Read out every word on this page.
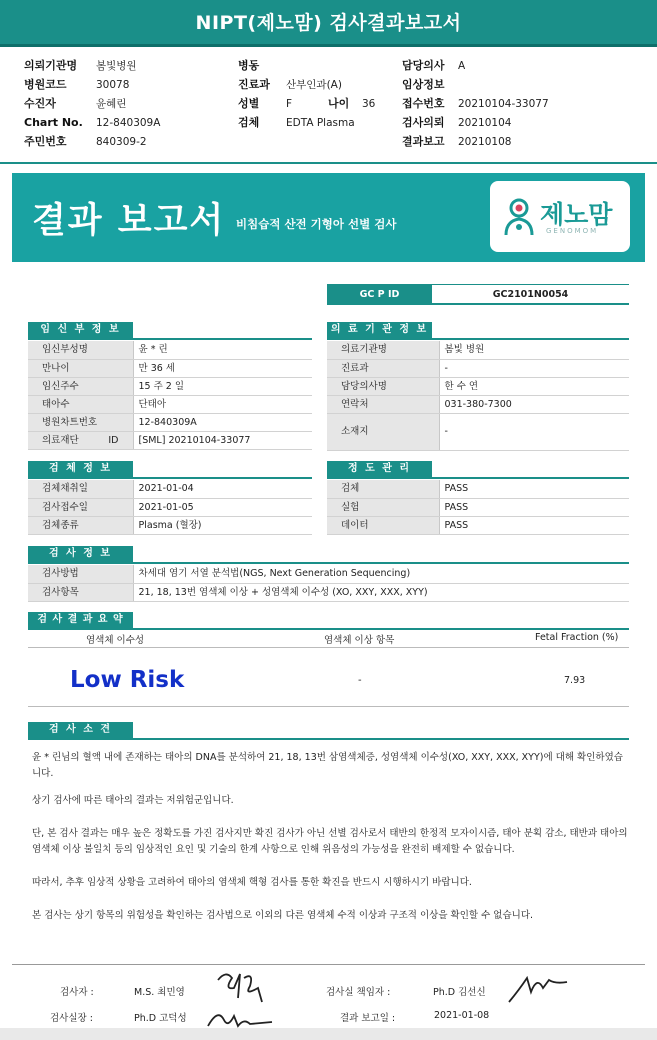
NIPT(제노맘) 검사결과보고서
의뢰기관명 봄빛병원
병원코드	30078
수진자	윤혜린
Chart No. 12-840309A
주민번호	840309-2
병동
진료과 산부인과(A)
성별	F	나이 36
검체	EDTA Plasma
담당의사 A
임상정보
접수번호 20210104-33077
검사의뢰 20210104
결과보고 20210108
결과 보고서 비침습적 산전 기형아 선별 검사	제노맘
GENOMOM
GC P ID	GC2101N0054
임 신 부 정 보
임신부성명	윤 * 린
만나이	만 36 세
임신주수	15 주 2 일
태아수	단태아
병원차트번호	12-840309A
의료재단 ID	[SML] 20210104-33077
의 료 기 관 정 보
의료기관명	봄빛 병원
진료과	-
담당의사명	한 수 연
연락처	031-380-7300
소재지	-
검 체 정 보
검체채취일	2021-01-04
검사접수일	2021-01-05
검체종류	Plasma (혈장)
정 도 관 리
검체	PASS
실험	PASS
데이터	PASS
검 사 정 보
검사방법	차세대 염기 서열 분석법(NGS, Next Generation Sequencing)
검사항목	21, 18, 13번 염색체 이상 + 성염색체 이수성 (XO, XXY, XXX, XYY)
검 사 결 과 요 약
염색체 이수성	염색체 이상 항목	Fetal Fraction (%)
Low Risk	-	7.93
검 사 소 견

윤 * 린님의 혈액 내에 존재하는 태아의 DNA를 분석하여 21, 18, 13번 삼염색체증, 성염색체 이수성(XO, XXY, XXX, XYY)에 대해 확인하였습니다.

상기 검사에 따른 태아의 결과는 저위험군입니다.

단, 본 검사 결과는 매우 높은 정확도를 가진 검사지만 확진 검사가 아닌 선별 검사로서 태반의 한정적 모자이시즘, 태아 분획 감소, 태반과 태아의 염색체 이상 불일치 등의 임상적인 요인 및 기술의 한계 사항으로 인해 위음성의 가능성을 완전히 배제할 수 없습니다.

따라서, 추후 임상적 상황을 고려하여 태아의 염색체 핵형 검사를 통한 확진을 반드시 시행하시기 바랍니다.

본 검사는 상기 항목의 위험성을 확인하는 검사법으로 이외의 다른 염색체 수적 이상과 구조적 이상을 확인할 수 없습니다.

검사자 :	M.S. 최민영	검사실 책임자 :	Ph.D 김선신
검사실장 :	Ph.D 고덕성	결과 보고일 :	2021-01-08
